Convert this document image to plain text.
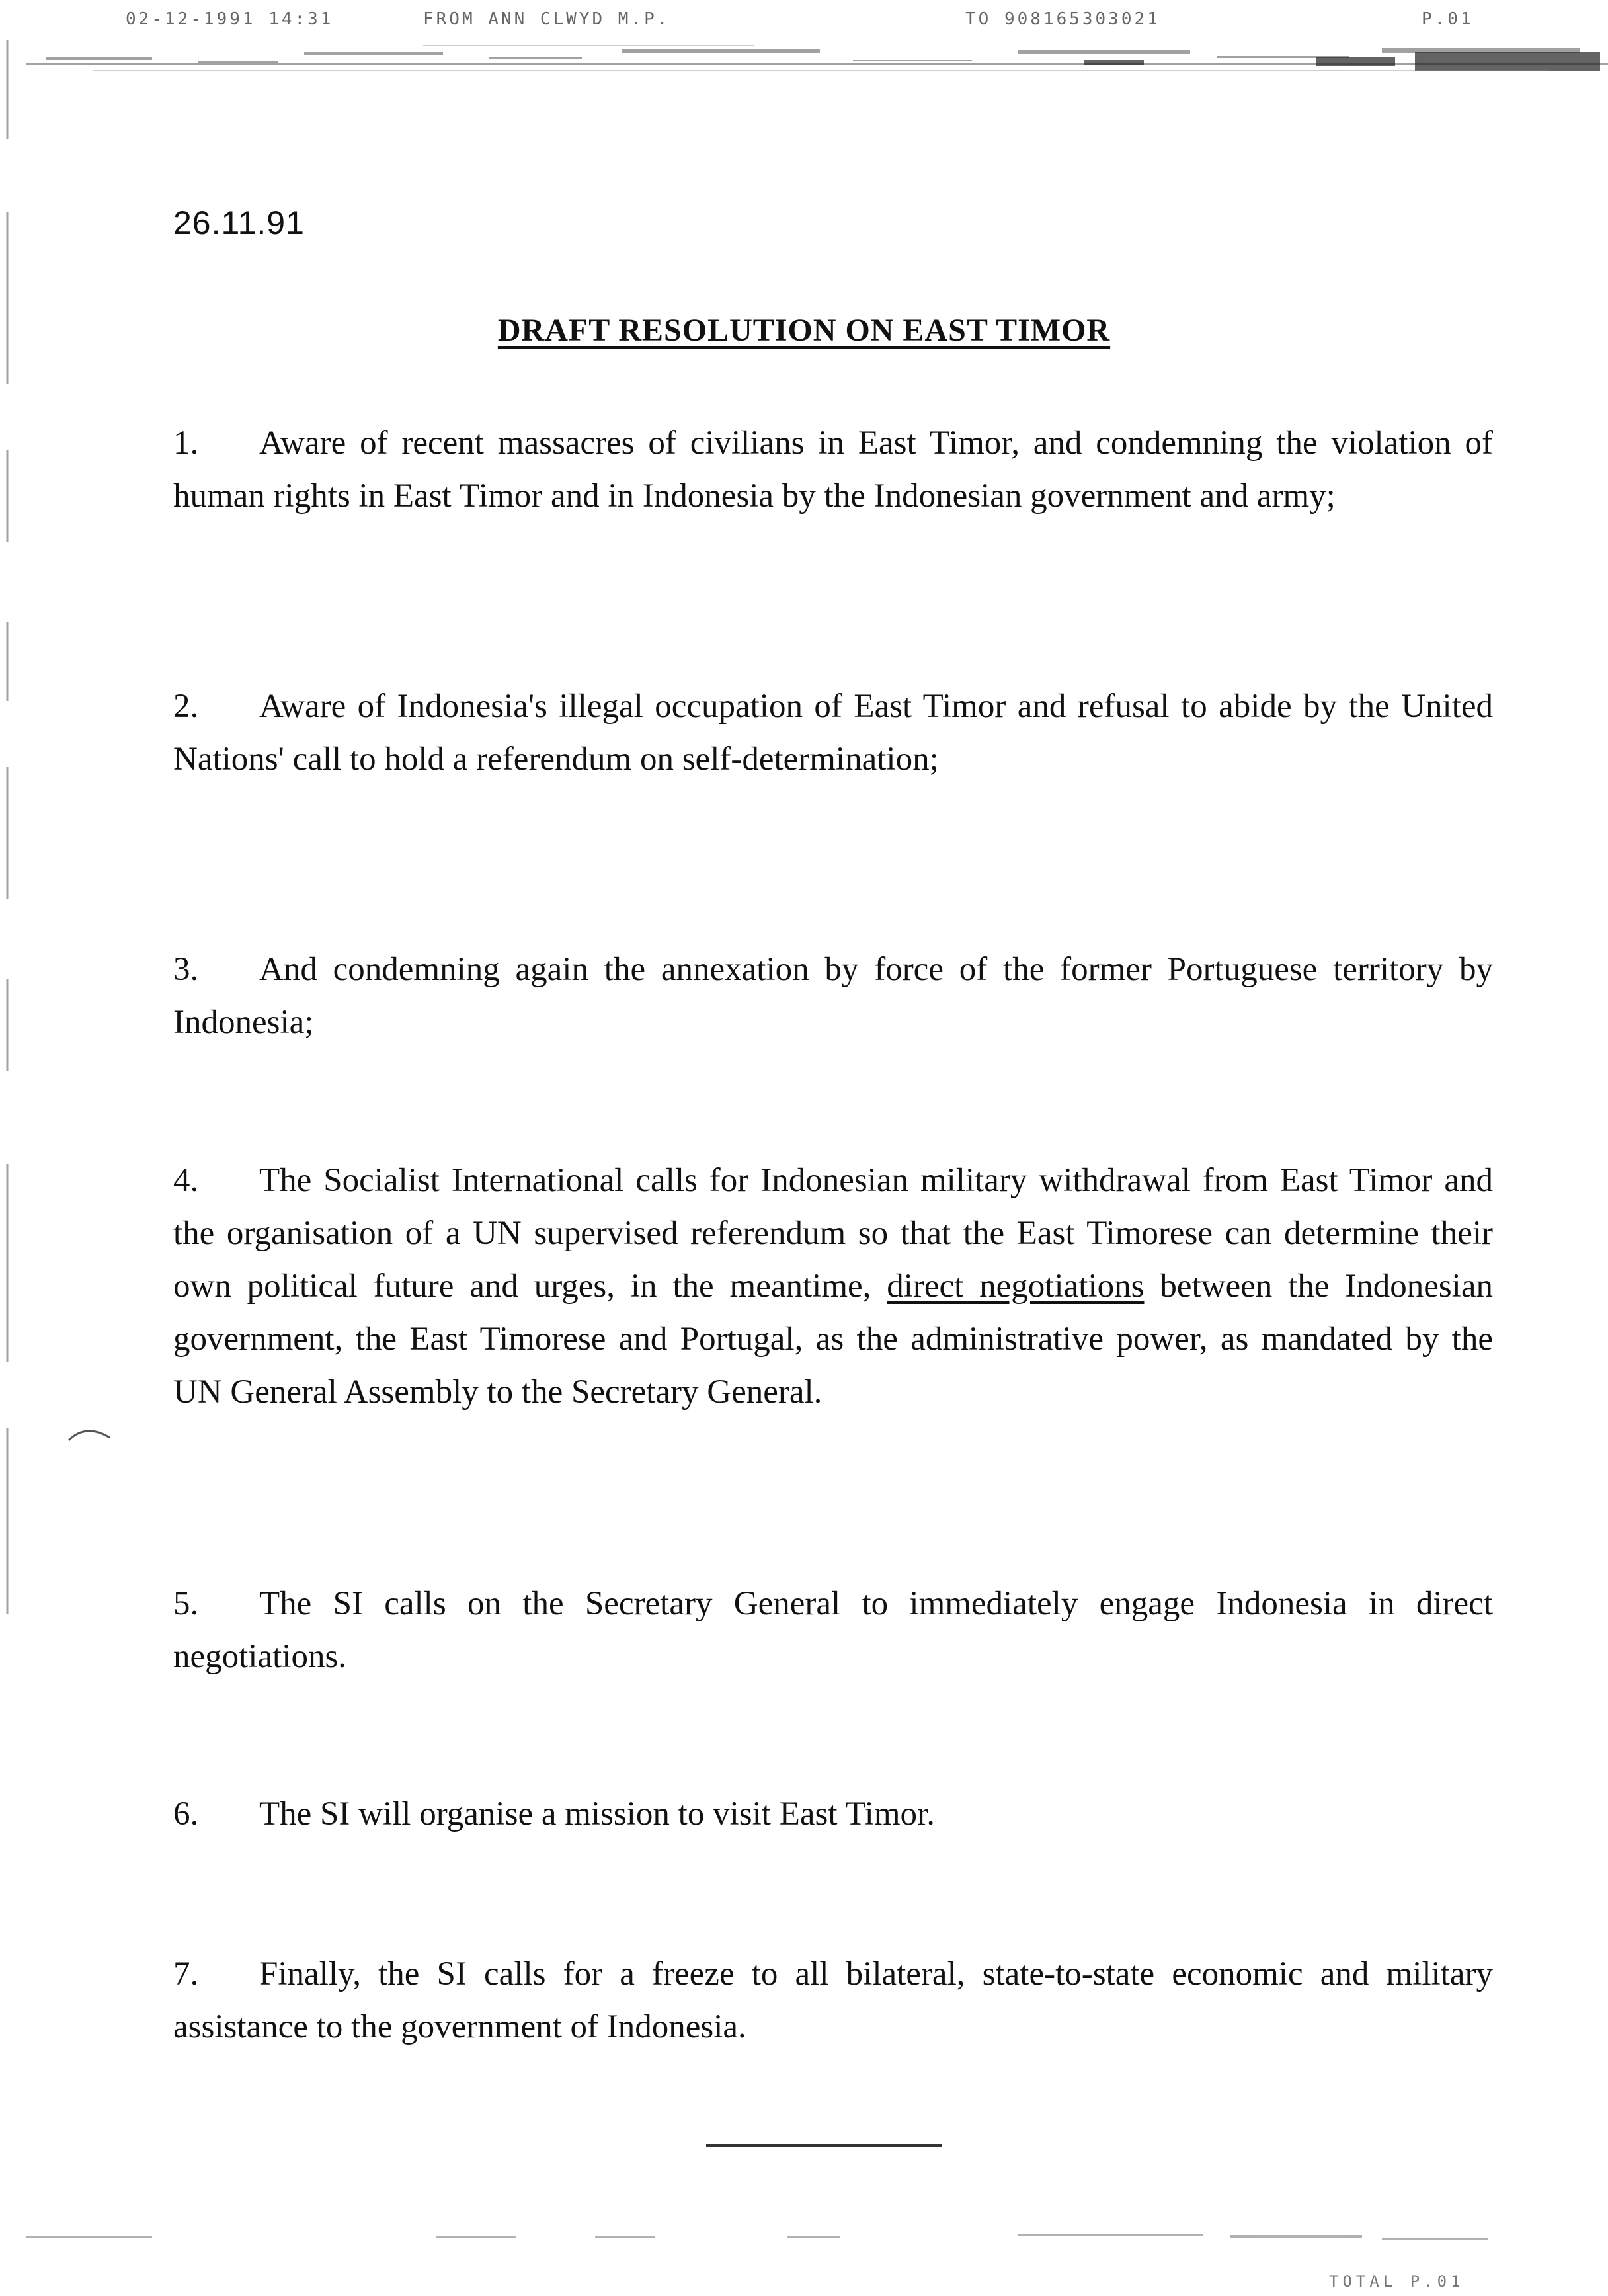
02-12-1991 14:31	FROM ANN CLWYD M.P.	TO 908165303021	P.01
26.11.91
DRAFT RESOLUTION ON EAST TIMOR
1. Aware of recent massacres of civilians in East Timor, and condemning the violation of human rights in East Timor and in Indonesia by the Indonesian government and army;
2. Aware of Indonesia's illegal occupation of East Timor and refusal to abide by the United Nations' call to hold a referendum on self-determination;
3. And condemning again the annexation by force of the former Portuguese territory by Indonesia;
4. The Socialist International calls for Indonesian military withdrawal from East Timor and the organisation of a UN supervised referendum so that the East Timorese can determine their own political future and urges, in the meantime, direct negotiations between the Indonesian government, the East Timorese and Portugal, as the administrative power, as mandated by the UN General Assembly to the Secretary General.
5. The SI calls on the Secretary General to immediately engage Indonesia in direct negotiations.
6. The SI will organise a mission to visit East Timor.
7. Finally, the SI calls for a freeze to all bilateral, state-to-state economic and military assistance to the government of Indonesia.
TOTAL P.01
